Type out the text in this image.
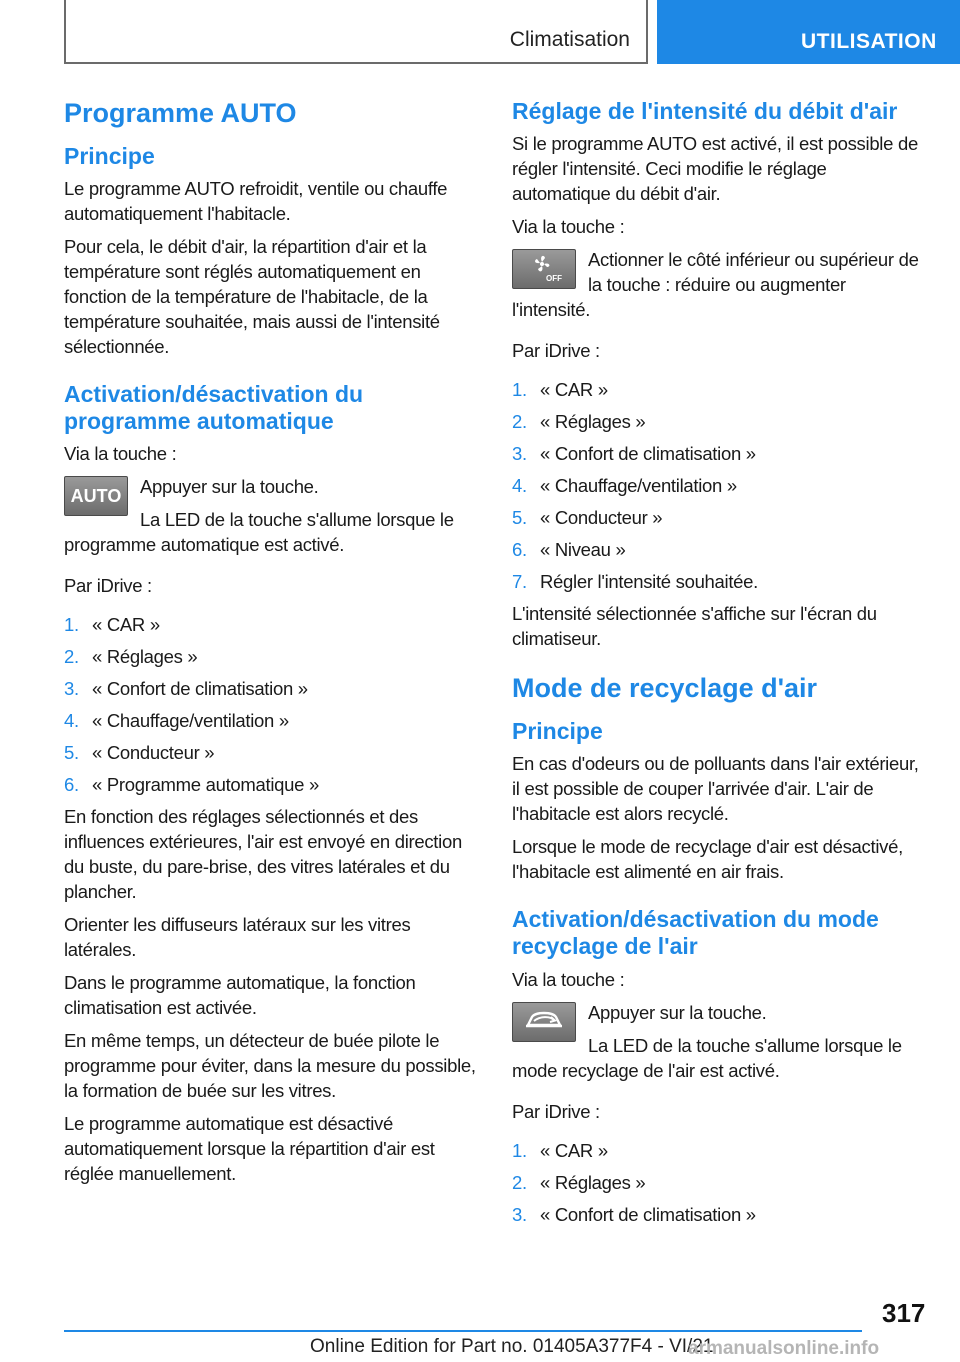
Climatisation	UTILISATION
Programme AUTO
Principe

Le programme AUTO refroidit, ventile ou chauffe automatiquement l'habitacle.

Pour cela, le débit d'air, la répartition d'air et la température sont réglés automatiquement en fonction de la température de l'habitacle, de la température souhaitée, mais aussi de l'intensité sélectionnée.

Activation/désactivation du programme automatique

Via la touche :

AUTO	Appuyer sur la touche.

La LED de la touche s'allume lorsque le programme automatique est activé.

Par iDrive :

1. « CAR »
2. « Réglages »
3. « Confort de climatisation »
4. « Chauffage/ventilation »
5. « Conducteur »
6. « Programme automatique »

En fonction des réglages sélectionnés et des influences extérieures, l'air est envoyé en direction du buste, du pare-brise, des vitres latérales et du plancher.

Orienter les diffuseurs latéraux sur les vitres latérales.

Dans le programme automatique, la fonction climatisation est activée.

En même temps, un détecteur de buée pilote le programme pour éviter, dans la mesure du possible, la formation de buée sur les vitres.

Le programme automatique est désactivé automatiquement lorsque la répartition d'air est réglée manuellement.

Réglage de l'intensité du débit d'air

Si le programme AUTO est activé, il est possible de régler l'intensité. Ceci modifie le réglage automatique du débit d'air.

Via la touche :

OFF

Actionner le côté inférieur ou supérieur de la touche : réduire ou augmenter l'intensité.

Par iDrive :

1. « CAR »
2. « Réglages »
3. « Confort de climatisation »
4. « Chauffage/ventilation »
5. « Conducteur »
6. « Niveau »
7. Régler l'intensité souhaitée.

L'intensité sélectionnée s'affiche sur l'écran du climatiseur.

Mode de recyclage d'air
Principe

En cas d'odeurs ou de polluants dans l'air extérieur, il est possible de couper l'arrivée d'air. L'air de l'habitacle est alors recyclé.

Lorsque le mode de recyclage d'air est désactivé, l'habitacle est alimenté en air frais.

Activation/désactivation du mode recyclage de l'air

Via la touche :

Appuyer sur la touche.

La LED de la touche s'allume lorsque le mode recyclage de l'air est activé.

Par iDrive :

1. « CAR »
2. « Réglages »
3. « Confort de climatisation »
317
Online Edition for Part no. 01405A377F4 - VI/21
armanualsonline.info
